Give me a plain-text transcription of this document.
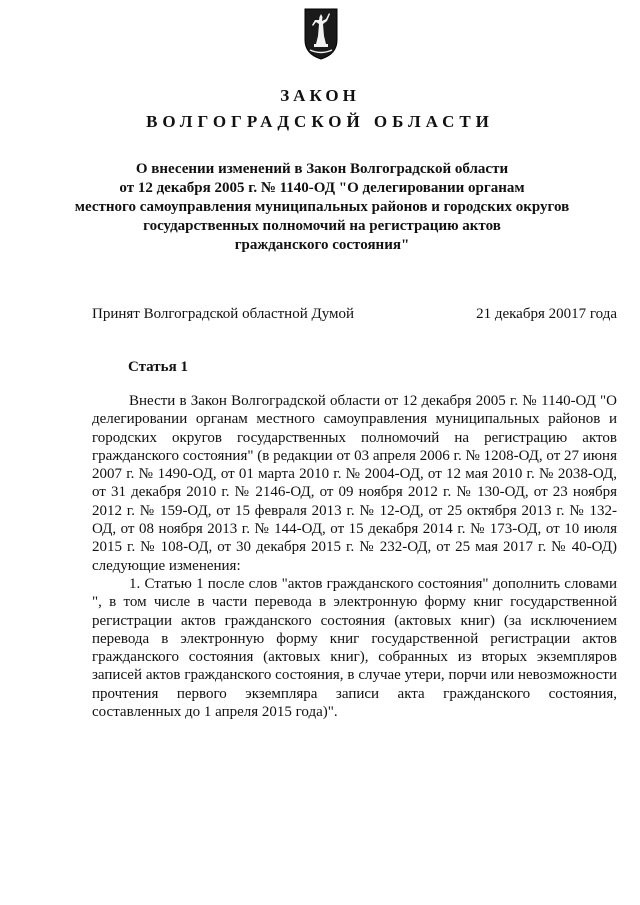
ЗАКОН
ВОЛГОГРАДСКОЙ ОБЛАСТИ
О внесении изменений в Закон Волгоградской области
от 12 декабря 2005 г. № 1140-ОД "О делегировании органам
местного самоуправления муниципальных районов и городских округов
государственных полномочий на регистрацию актов
гражданского состояния"
Принят Волгоградской областной Думой	21 декабря 20017 года
Статья 1

Внести в Закон Волгоградской области от 12 декабря 2005 г. № 1140-ОД "О делегировании органам местного самоуправления муниципальных районов и городских округов государственных полномочий на регистрацию актов гражданского состояния" (в редакции от 03 апреля 2006 г. № 1208-ОД, от 27 июня 2007 г. № 1490-ОД, от 01 марта 2010 г. № 2004-ОД, от 12 мая 2010 г. № 2038-ОД, от 31 декабря 2010 г. № 2146-ОД, от 09 ноября 2012 г. № 130-ОД, от 23 ноября 2012 г. № 159-ОД, от 15 февраля 2013 г. № 12-ОД, от 25 октября 2013 г. № 132-ОД, от 08 ноября 2013 г. № 144-ОД, от 15 декабря 2014 г. № 173-ОД, от 10 июля 2015 г. № 108-ОД, от 30 декабря 2015 г. № 232-ОД, от 25 мая 2017 г. № 40-ОД) следующие изменения:

1. Статью 1 после слов "актов гражданского состояния" дополнить словами ", в том числе в части перевода в электронную форму книг государственной регистрации актов гражданского состояния (актовых книг) (за исключением перевода в электронную форму книг государственной регистрации актов гражданского состояния (актовых книг), собранных из вторых экземпляров записей актов гражданского состояния, в случае утери, порчи или невозможности прочтения первого экземпляра записи акта гражданского состояния, составленных до 1 апреля 2015 года)".
